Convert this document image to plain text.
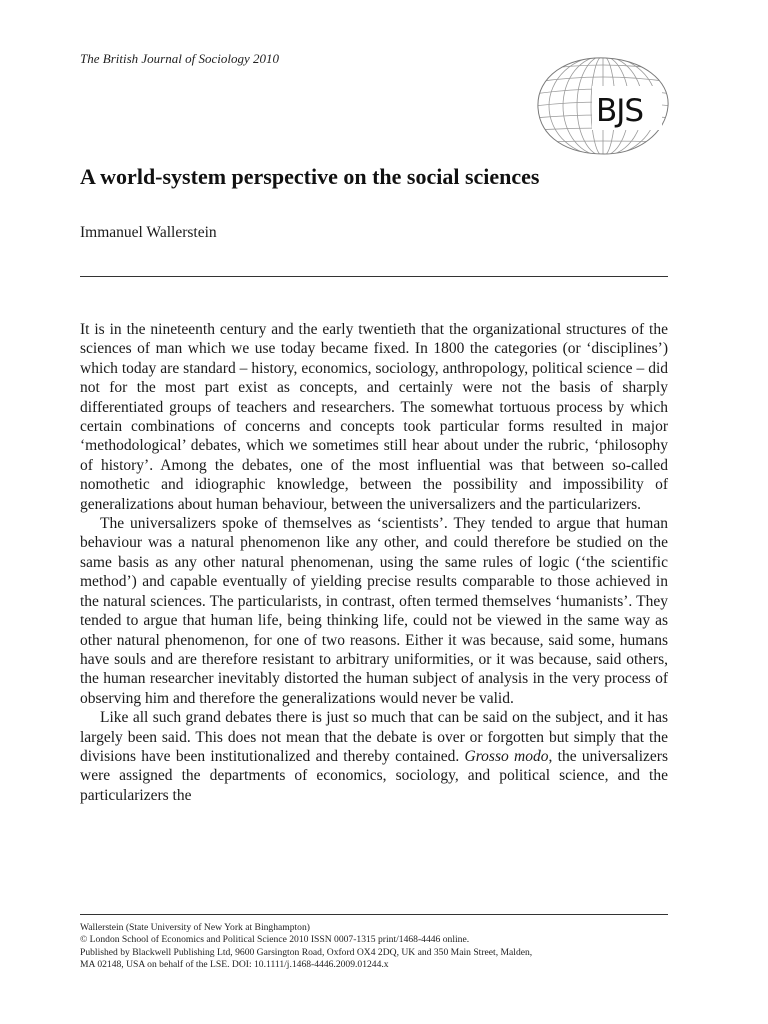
The British Journal of Sociology 2010
BJS
A world-system perspective on the social sciences
Immanuel Wallerstein

It is in the nineteenth century and the early twentieth that the organizational structures of the sciences of man which we use today became fixed. In 1800 the categories (or ‘disciplines’) which today are standard – history, economics, sociology, anthropology, political science – did not for the most part exist as concepts, and certainly were not the basis of sharply differentiated groups of teachers and researchers. The somewhat tortuous process by which certain combinations of concerns and concepts took particular forms resulted in major ‘methodological’ debates, which we sometimes still hear about under the rubric, ‘philosophy of history’. Among the debates, one of the most influential was that between so-called nomothetic and idiographic knowledge, between the possibility and impossibility of generalizations about human behaviour, between the universalizers and the particularizers.

The universalizers spoke of themselves as ‘scientists’. They tended to argue that human behaviour was a natural phenomenon like any other, and could therefore be studied on the same basis as any other natural phenomenan, using the same rules of logic (‘the scientific method’) and capable eventually of yielding precise results comparable to those achieved in the natural sciences. The particularists, in contrast, often termed themselves ‘humanists’. They tended to argue that human life, being thinking life, could not be viewed in the same way as other natural phenomenon, for one of two reasons. Either it was because, said some, humans have souls and are therefore resistant to arbitrary uniformities, or it was because, said others, the human researcher inevitably distorted the human subject of analysis in the very process of observing him and therefore the generalizations would never be valid.

Like all such grand debates there is just so much that can be said on the subject, and it has largely been said. This does not mean that the debate is over or forgotten but simply that the divisions have been institutionalized and thereby contained. Grosso modo, the universalizers were assigned the departments of economics, sociology, and political science, and the particularizers the

Wallerstein (State University of New York at Binghampton)
© London School of Economics and Political Science 2010 ISSN 0007-1315 print/1468-4446 online.
Published by Blackwell Publishing Ltd, 9600 Garsington Road, Oxford OX4 2DQ, UK and 350 Main Street, Malden,
MA 02148, USA on behalf of the LSE. DOI: 10.1111/j.1468-4446.2009.01244.x
